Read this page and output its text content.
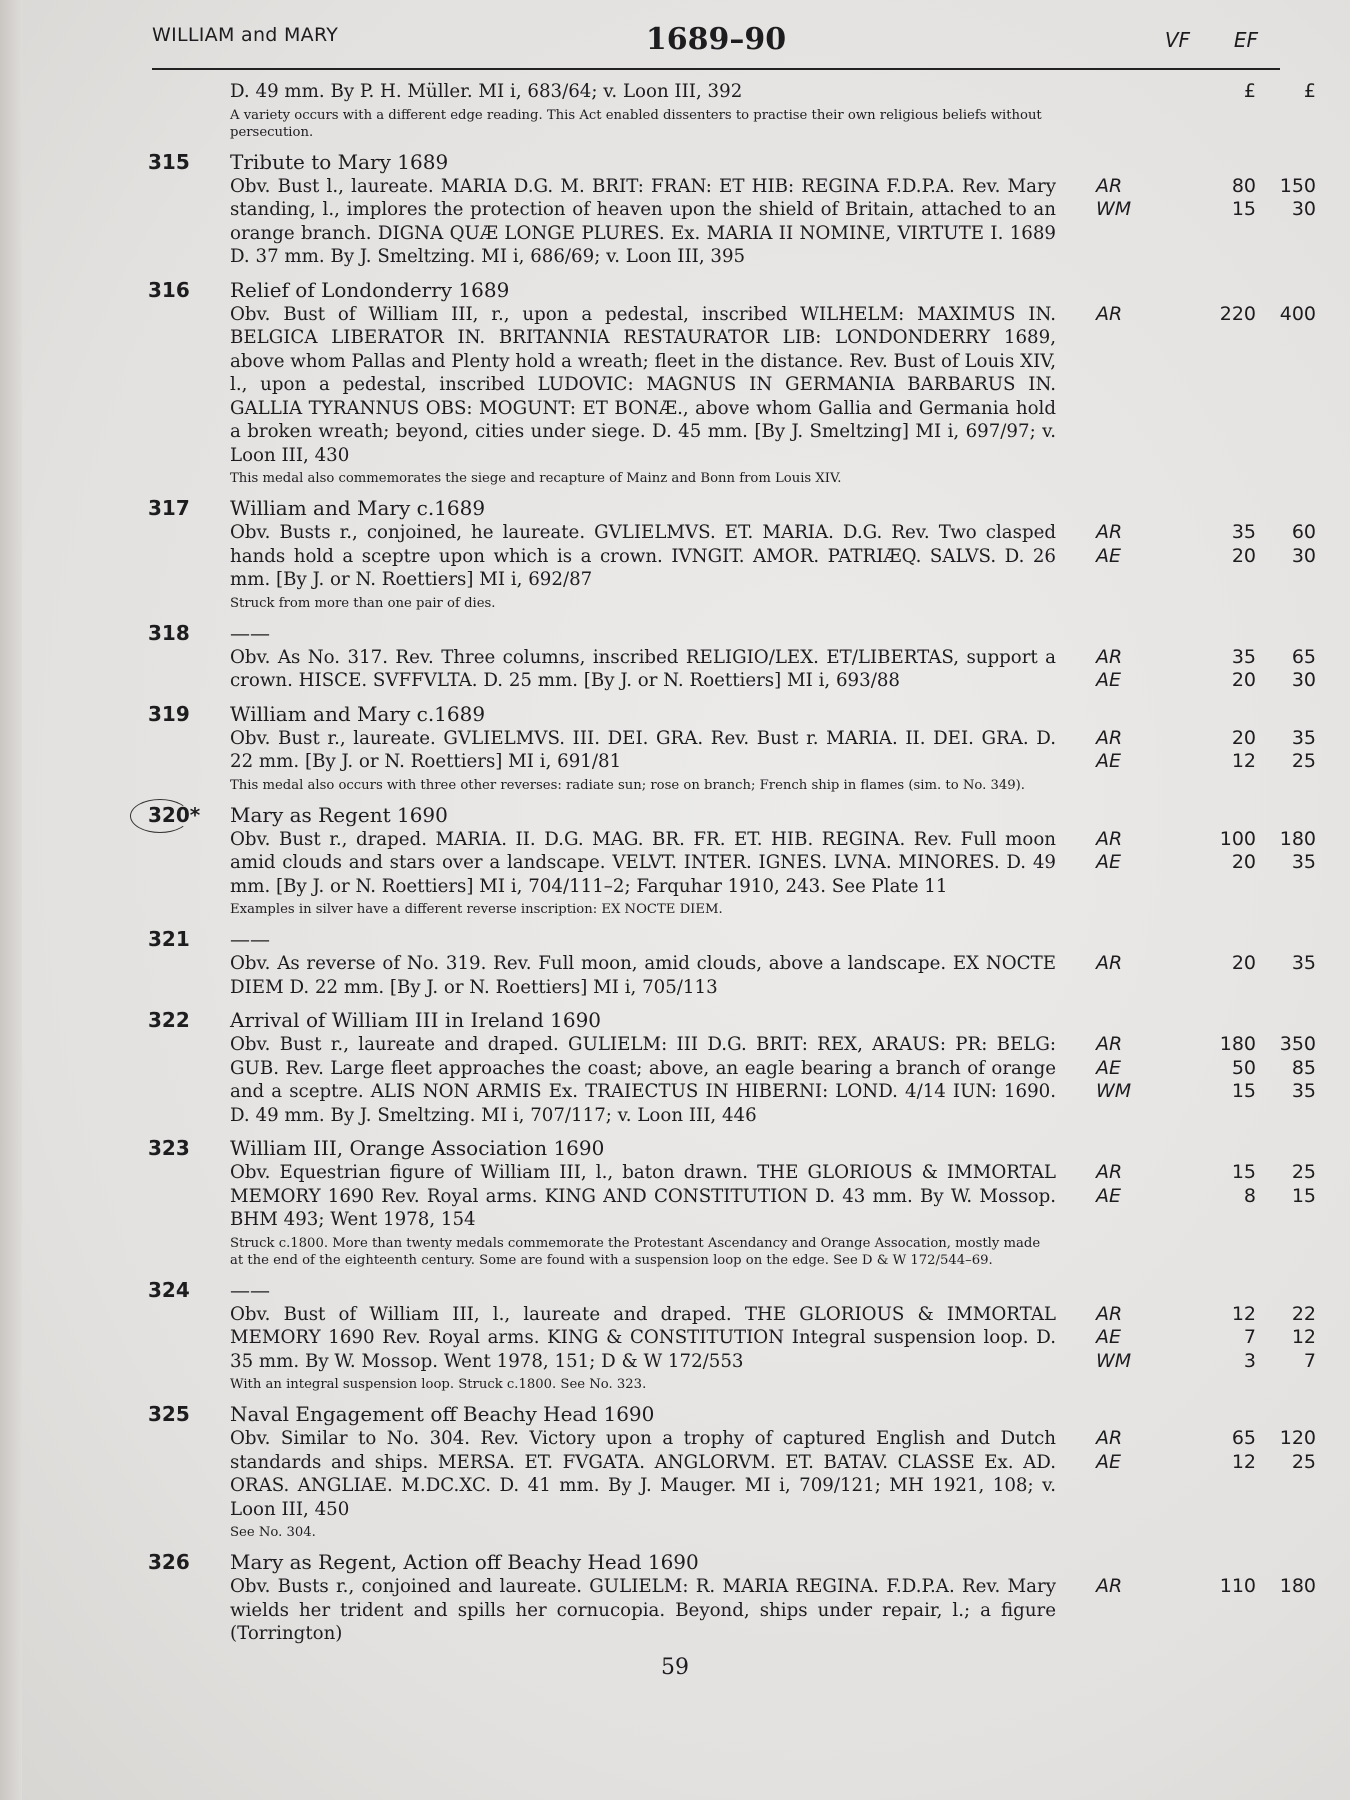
WILLIAM and MARY	1689–90	VF EF
D. 49 mm. By P. H. Müller. MI i, 683/64; v. Loon III, 392
A variety occurs with a different edge reading. This Act enabled dissenters to practise their own religious beliefs without persecution.
£	£
315 Tribute to Mary 1689
Obv. Bust l., laureate. MARIA D.G. M. BRIT: FRAN: ET HIB: REGINA F.D.P.A. Rev. Mary standing, l., implores the protection of heaven upon the shield of Britain, attached to an orange branch. DIGNA QUÆ LONGE PLURES. Ex. MARIA II NOMINE, VIRTUTE I. 1689 D. 37 mm. By J. Smeltzing. MI i, 686/69; v. Loon III, 395
AR	80 150
WM	15 30
316 Relief of Londonderry 1689
Obv. Bust of William III, r., upon a pedestal, inscribed WILHELM: MAXIMUS IN. BELGICA LIBERATOR IN. BRITANNIA RESTAURATOR LIB: LONDONDERRY 1689, above whom Pallas and Plenty hold a wreath; fleet in the distance. Rev. Bust of Louis XIV, l., upon a pedestal, inscribed LUDOVIC: MAGNUS IN GERMANIA BARBARUS IN. GALLIA TYRANNUS OBS: MOGUNT: ET BONÆ., above whom Gallia and Germania hold a broken wreath; beyond, cities under siege. D. 45 mm. [By J. Smeltzing] MI i, 697/97; v. Loon III, 430
This medal also commemorates the siege and recapture of Mainz and Bonn from Louis XIV.
AR	220 400
317 William and Mary c.1689
Obv. Busts r., conjoined, he laureate. GVLIELMVS. ET. MARIA. D.G. Rev. Two clasped hands hold a sceptre upon which is a crown. IVNGIT. AMOR. PATRIÆQ. SALVS. D. 26 mm. [By J. or N. Roettiers] MI i, 692/87
Struck from more than one pair of dies.
AR	35 60
AE	20 30
318 ——
Obv. As No. 317. Rev. Three columns, inscribed RELIGIO/LEX. ET/LIBERTAS, support a crown. HISCE. SVFFVLTA. D. 25 mm. [By J. or N. Roettiers] MI i, 693/88
AR	35 65
AE	20 30
319 William and Mary c.1689
Obv. Bust r., laureate. GVLIELMVS. III. DEI. GRA. Rev. Bust r. MARIA. II. DEI. GRA. D. 22 mm. [By J. or N. Roettiers] MI i, 691/81
This medal also occurs with three other reverses: radiate sun; rose on branch; French ship in flames (sim. to No. 349).
AR	20 35
AE	12 25
320* Mary as Regent 1690
Obv. Bust r., draped. MARIA. II. D.G. MAG. BR. FR. ET. HIB. REGINA. Rev. Full moon amid clouds and stars over a landscape. VELVT. INTER. IGNES. LVNA. MINORES. D. 49 mm. [By J. or N. Roettiers] MI i, 704/111–2; Farquhar 1910, 243. See Plate 11
Examples in silver have a different reverse inscription: EX NOCTE DIEM.
AR	100 180
AE	20 35
321 ——
Obv. As reverse of No. 319. Rev. Full moon, amid clouds, above a landscape. EX NOCTE DIEM D. 22 mm. [By J. or N. Roettiers] MI i, 705/113
AR	20 35
322 Arrival of William III in Ireland 1690
Obv. Bust r., laureate and draped. GULIELM: III D.G. BRIT: REX, ARAUS: PR: BELG: GUB. Rev. Large fleet approaches the coast; above, an eagle bearing a branch of orange and a sceptre. ALIS NON ARMIS Ex. TRAIECTUS IN HIBERNI: LOND. 4/14 IUN: 1690. D. 49 mm. By J. Smeltzing. MI i, 707/117; v. Loon III, 446
AR	180 350
AE	50 85
WM	15 35
323 William III, Orange Association 1690
Obv. Equestrian figure of William III, l., baton drawn. THE GLORIOUS & IMMORTAL MEMORY 1690 Rev. Royal arms. KING AND CONSTITUTION D. 43 mm. By W. Mossop. BHM 493; Went 1978, 154
Struck c.1800. More than twenty medals commemorate the Protestant Ascendancy and Orange Assocation, mostly made at the end of the eighteenth century. Some are found with a suspension loop on the edge. See D & W 172/544–69.
AR	15 25
AE	8 15
324 ——
Obv. Bust of William III, l., laureate and draped. THE GLORIOUS & IMMORTAL MEMORY 1690 Rev. Royal arms. KING & CONSTITUTION Integral suspension loop. D. 35 mm. By W. Mossop. Went 1978, 151; D & W 172/553
With an integral suspension loop. Struck c.1800. See No. 323.
AR	12 22
AE	7 12
WM	3	7
325 Naval Engagement off Beachy Head 1690
Obv. Similar to No. 304. Rev. Victory upon a trophy of captured English and Dutch standards and ships. MERSA. ET. FVGATA. ANGLORVM. ET. BATAV. CLASSE Ex. AD. ORAS. ANGLIAE. M.DC.XC. D. 41 mm. By J. Mauger. MI i, 709/121; MH 1921, 108; v. Loon III, 450
See No. 304.
AR	65 120
AE	12 25
326 Mary as Regent, Action off Beachy Head 1690
Obv. Busts r., conjoined and laureate. GULIELM: R. MARIA REGINA. F.D.P.A. Rev. Mary wields her trident and spills her cornucopia. Beyond, ships under repair, l.; a figure (Torrington)
AR	110 180
59
